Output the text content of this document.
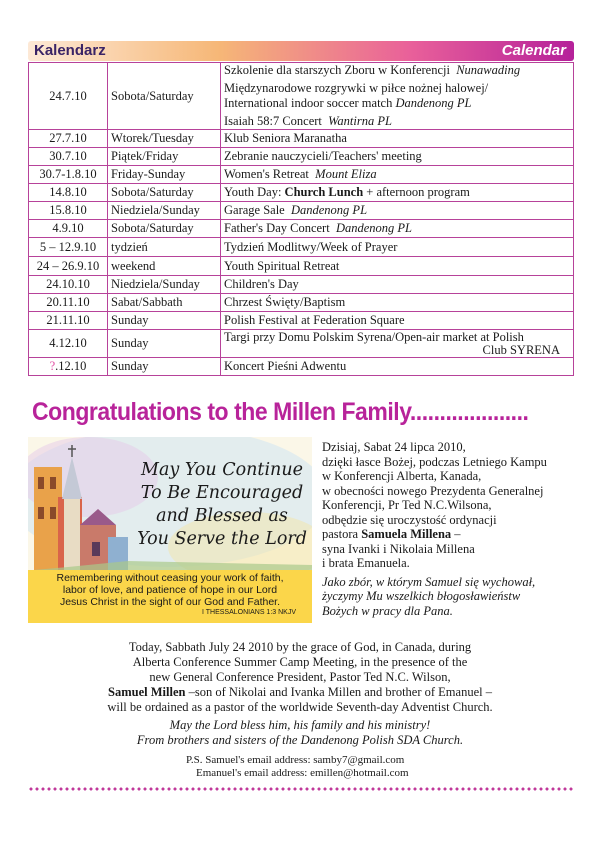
Kalendarz	Calendar
24.7.10	Sobota/Saturday	Szkolenie dla starszych Zboru w Konferencji Nunawading
Międzynarodowe rozgrywki w piłce nożnej halowej/
International indoor soccer match Dandenong PL
Isaiah 58:7 Concert Wantirna PL

27.7.10	Wtorek/Tuesday	Klub Seniora Maranatha
30.7.10	Piątek/Friday	Zebranie nauczycieli/Teachers' meeting
30.7-1.8.10	Friday-Sunday	Women's Retreat Mount Eliza
14.8.10	Sobota/Saturday	Youth Day: Church Lunch + afternoon program
15.8.10	Niedziela/Sunday	Garage Sale Dandenong PL
4.9.10	Sobota/Saturday	Father's Day Concert Dandenong PL
5 – 12.9.10	tydzień	Tydzień Modlitwy/Week of Prayer
24 – 26.9.10	weekend	Youth Spiritual Retreat
24.10.10	Niedziela/Sunday	Children's Day
20.11.10	Sabat/Sabbath	Chrzest Święty/Baptism
21.11.10	Sunday	Polish Festival at Federation Square
4.12.10	Sunday	Targi przy Domu Polskim Syrena/Open-air market at Polish
Club SYRENA

?.12.10	Sunday	Koncert Pieśni Adwentu
Congratulations to the Millen Family....................
May You Continue
To Be Encouraged
and Blessed as
You Serve the Lord
Remembering without ceasing your work of faith,
labor of love, and patience of hope in our Lord
Jesus Christ in the sight of our God and Father.
I THESSALONIANS 1:3 NKJV
Dzisiaj, Sabat 24 lipca 2010,
dzięki łasce Bożej, podczas Letniego Kampu
w Konferencji Alberta, Kanada,
w obecności nowego Prezydenta Generalnej
Konferencji, Pr Ted N.C.Wilsona,
odbędzie się uroczystość ordynacji
pastora Samuela Millena –
syna Ivanki i Nikolaia Millena
i brata Emanuela.
Jako zbór, w którym Samuel się wychował,
życzymy Mu wszelkich błogosławieństw
Bożych w pracy dla Pana.
Today, Sabbath July 24 2010 by the grace of God, in Canada, during
Alberta Conference Summer Camp Meeting, in the presence of the
new General Conference President, Pastor Ted N.C. Wilson,
Samuel Millen –son of Nikolai and Ivanka Millen and brother of Emanuel –
will be ordained as a pastor of the worldwide Seventh-day Adventist Church.
May the Lord bless him, his family and his ministry!
From brothers and sisters of the Dandenong Polish SDA Church.
P.S. Samuel's email address: samby7@gmail.com
Emanuel's email address: emillen@hotmail.com
